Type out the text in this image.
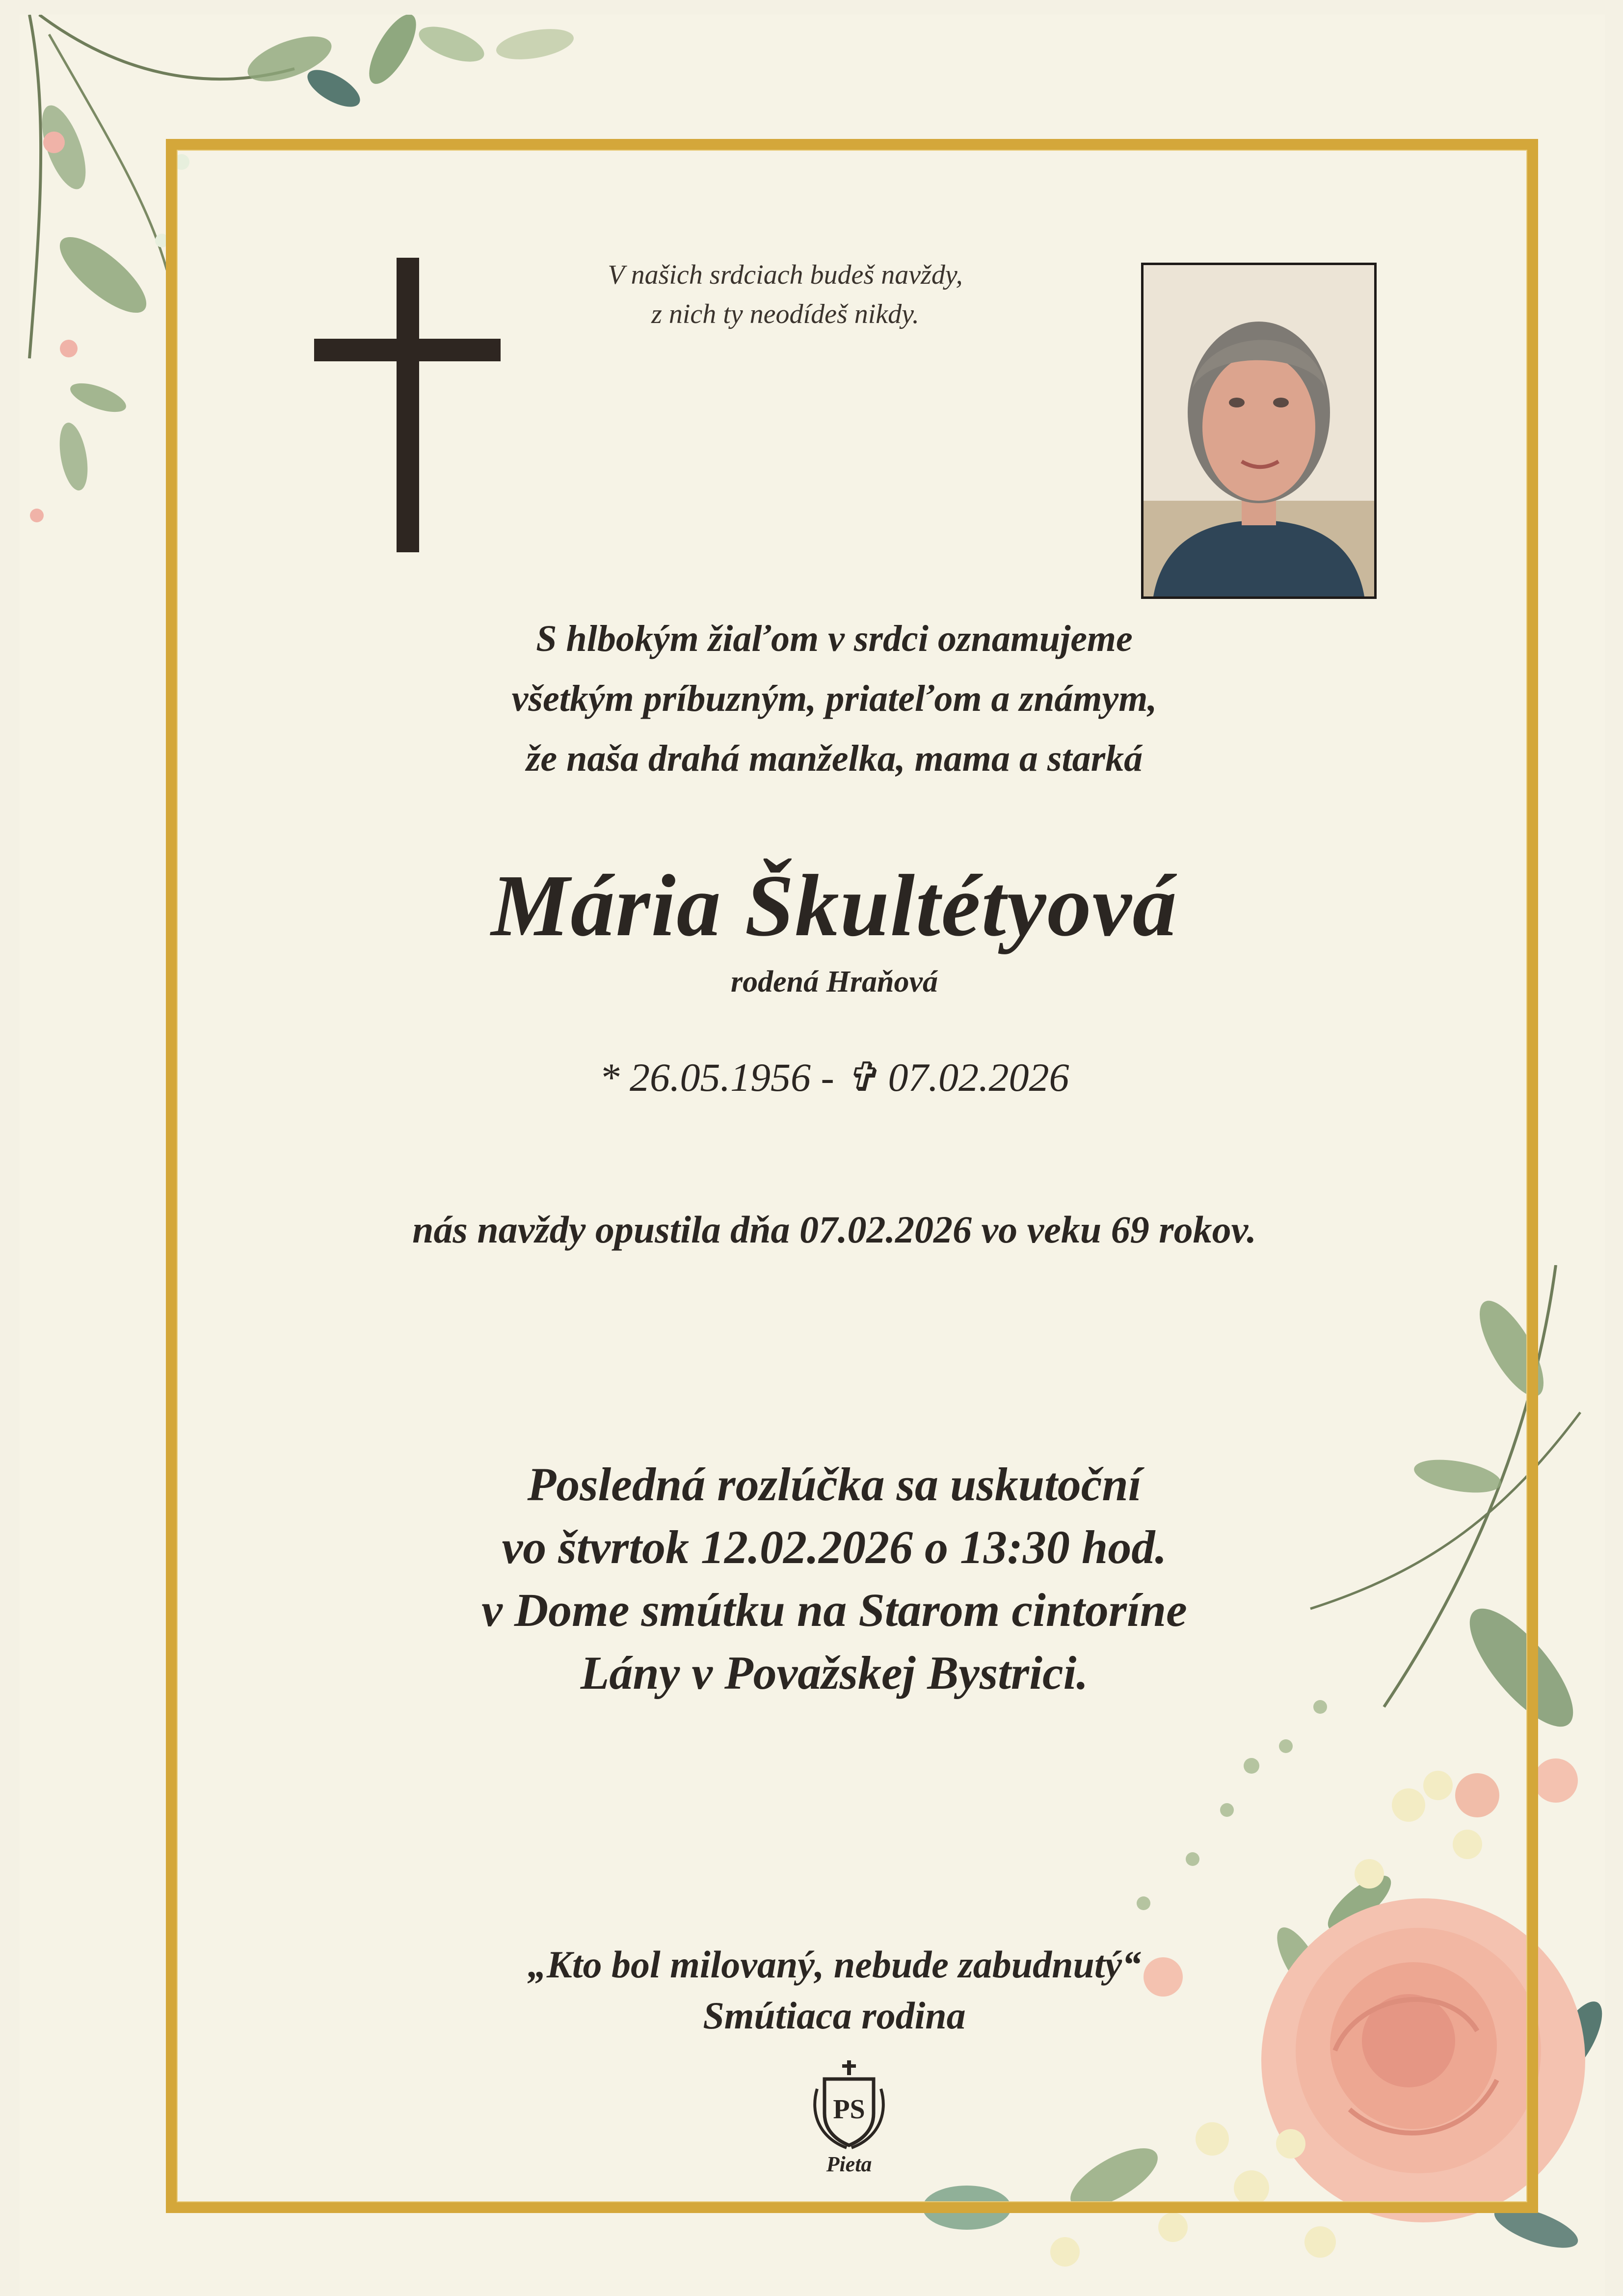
V našich srdciach budeš navždy,
z nich ty neodídeš nikdy.
S hlbokým žiaľom v srdci oznamujeme
všetkým príbuzným, priateľom a známym,
že naša drahá manželka, mama a starká
Mária Škultétyová
rodená Hraňová
* 26.05.1956 - ✞ 07.02.2026
nás navždy opustila dňa 07.02.2026 vo veku 69 rokov.
Posledná rozlúčka sa uskutoční
vo štvrtok 12.02.2026 o 13:30 hod.
v Dome smútku na Starom cintoríne
Lány v Považskej Bystrici.
„Kto bol milovaný, nebude zabudnutý“
Smútiaca rodina
PS
Pieta
